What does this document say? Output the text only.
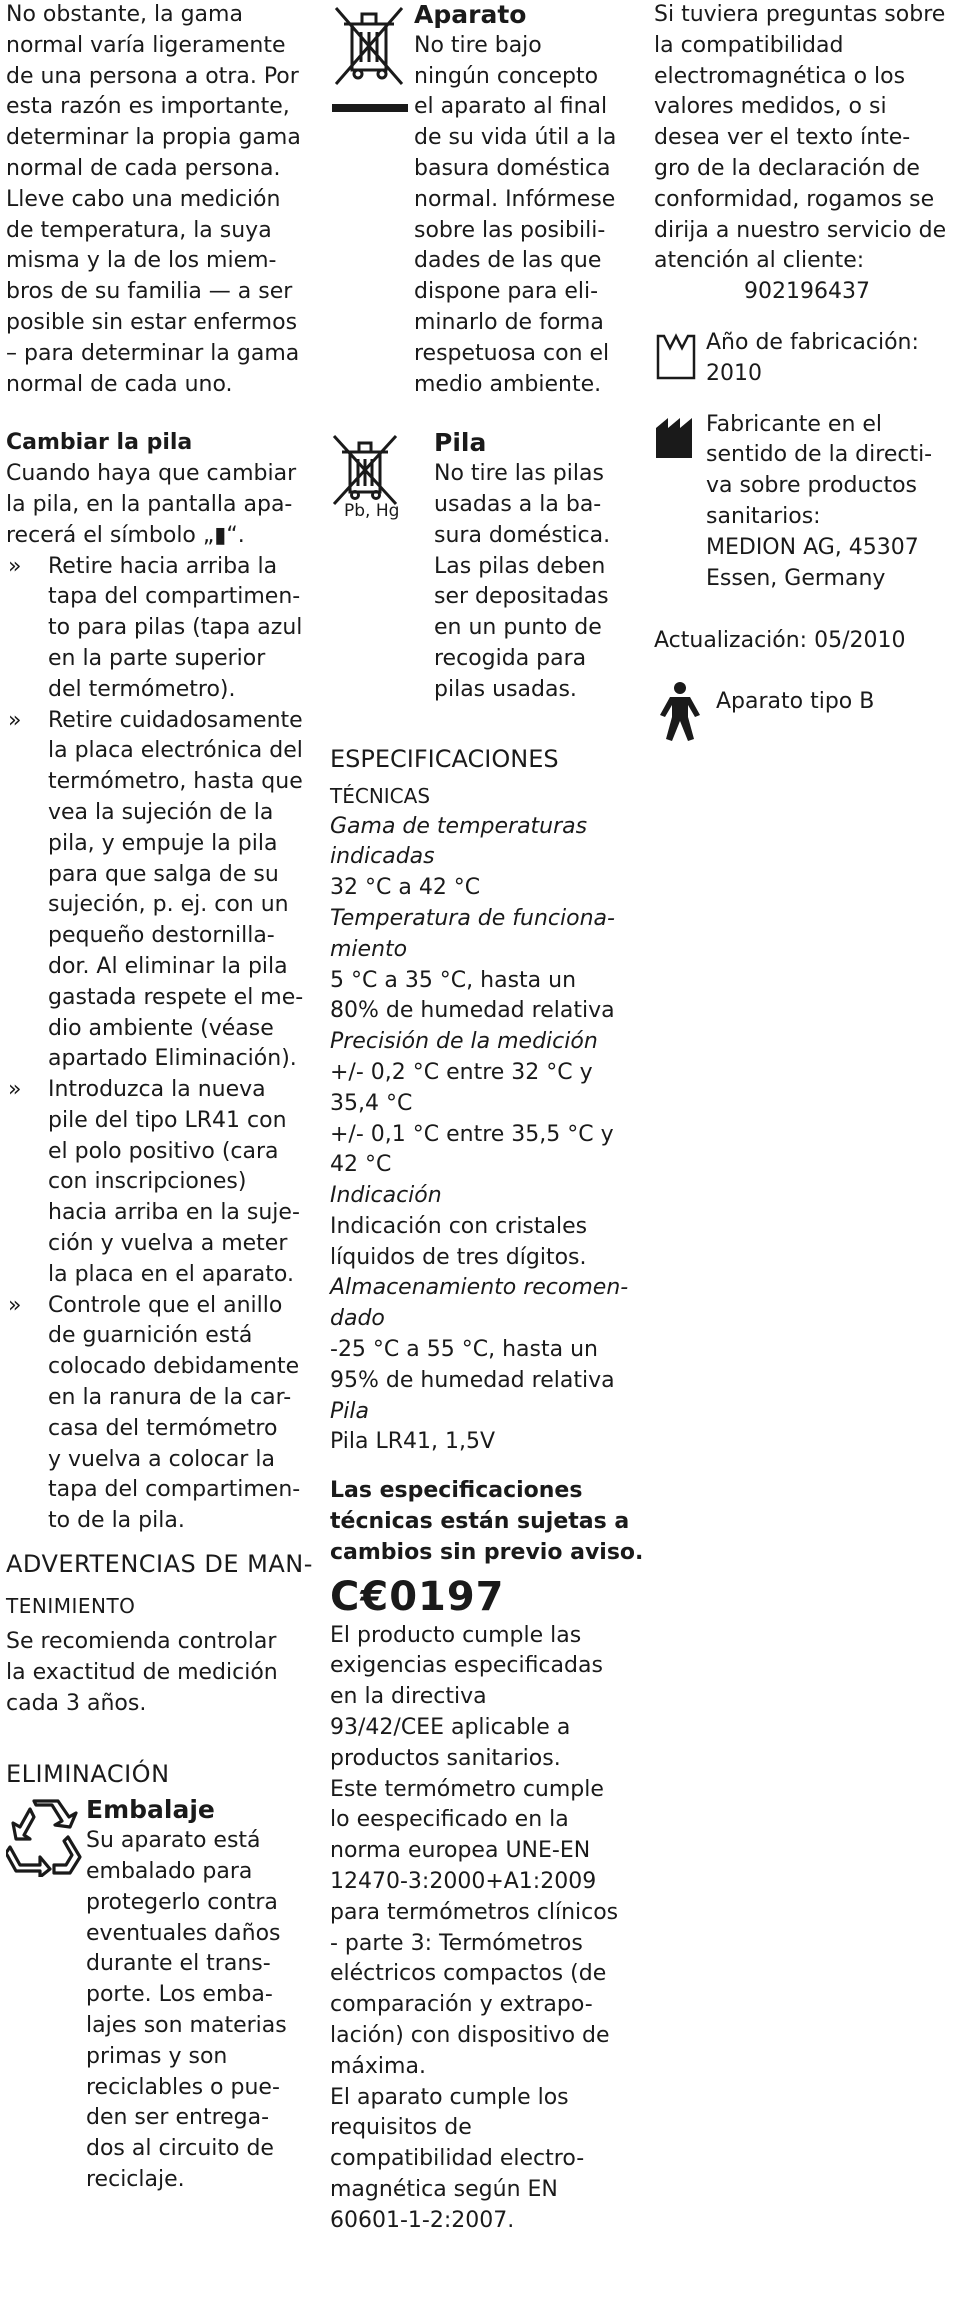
No obstante, la gama
normal varía ligeramente
de una persona a otra. Por
esta razón es importante,
determinar la propia gama
normal de cada persona.
Lleve cabo una medición
de temperatura, la suya
misma y la de los miem-
bros de su familia — a ser
posible sin estar enfermos
– para determinar la gama
normal de cada uno.

Cambiar la pila

Cuando haya que cambiar
la pila, en la pantalla apa-
recerá el símbolo „▮“.
» Retire hacia arriba la
tapa del compartimen-
to para pilas (tapa azul
en la parte superior
del termómetro).
» Retire cuidadosamente
la placa electrónica del
termómetro, hasta que
vea la sujeción de la
pila, y empuje la pila
para que salga de su
sujeción, p. ej. con un
pequeño destornilla-
dor. Al eliminar la pila
gastada respete el me-
dio ambiente (véase
apartado Eliminación).
» Introduzca la nueva
pile del tipo LR41 con
el polo positivo (cara
con inscripciones)
hacia arriba en la suje-
ción y vuelva a meter
la placa en el aparato.
» Controle que el anillo
de guarnición está
colocado debidamente
en la ranura de la car-
casa del termómetro
y vuelva a colocar la
tapa del compartimen-
to de la pila.
ADVERTENCIAS DE MAN-
TENIMIENTO
Se recomienda controlar
la exactitud de medición
cada 3 años.
ELIMINACIÓN

Embalaje

Su aparato está
embalado para
protegerlo contra
eventuales daños
durante el trans-
porte. Los emba-
lajes son materias
primas y son
reciclables o pue-
den ser entrega-
dos al circuito de
reciclaje.

Aparato

No tire bajo
ningún concepto
el aparato al final
de su vida útil a la
basura doméstica
normal. Infórmese
sobre las posibili-
dades de las que
dispone para eli-
minarlo de forma
respetuosa con el
medio ambiente.
Pb, Hg

Pila

No tire las pilas
usadas a la ba-
sura doméstica.
Las pilas deben
ser depositadas
en un punto de
recogida para
pilas usadas.
ESPECIFICACIONES
TÉCNICAS
Gama de temperaturas
indicadas
32 °C a 42 °C
Temperatura de funciona-
miento
5 °C a 35 °C, hasta un
80% de humedad relativa
Precisión de la medición
+/- 0,2 °C entre 32 °C y
35,4 °C
+/- 0,1 °C entre 35,5 °C y
42 °C
Indicación
Indicación con cristales
líquidos de tres dígitos.
Almacenamiento recomen-
dado
-25 °C a 55 °C, hasta un
95% de humedad relativa
Pila
Pila LR41, 1,5V
Las especificaciones
técnicas están sujetas a
cambios sin previo aviso.
C€0197
El producto cumple las
exigencias especificadas
en la directiva
93/42/CEE aplicable a
productos sanitarios.
Este termómetro cumple
lo eespecificado en la
norma europea UNE-EN
12470-3:2000+A1:2009
para termómetros clínicos
- parte 3: Termómetros
eléctricos compactos (de
comparación y extrapo-
lación) con dispositivo de
máxima.
El aparato cumple los
requisitos de
compatibilidad electro-
magnética según EN
60601-1-2:2007.
Si tuviera preguntas sobre
la compatibilidad
electromagnética o los
valores medidos, o si
desea ver el texto ínte-
gro de la declaración de
conformidad, rogamos se
dirija a nuestro servicio de
atención al cliente:

902196437

Año de fabricación:

2010

Fabricante en el
sentido de la directi-
va sobre productos
sanitarios:
MEDION AG, 45307
Essen, Germany

Actualización: 05/2010

Aparato tipo B
